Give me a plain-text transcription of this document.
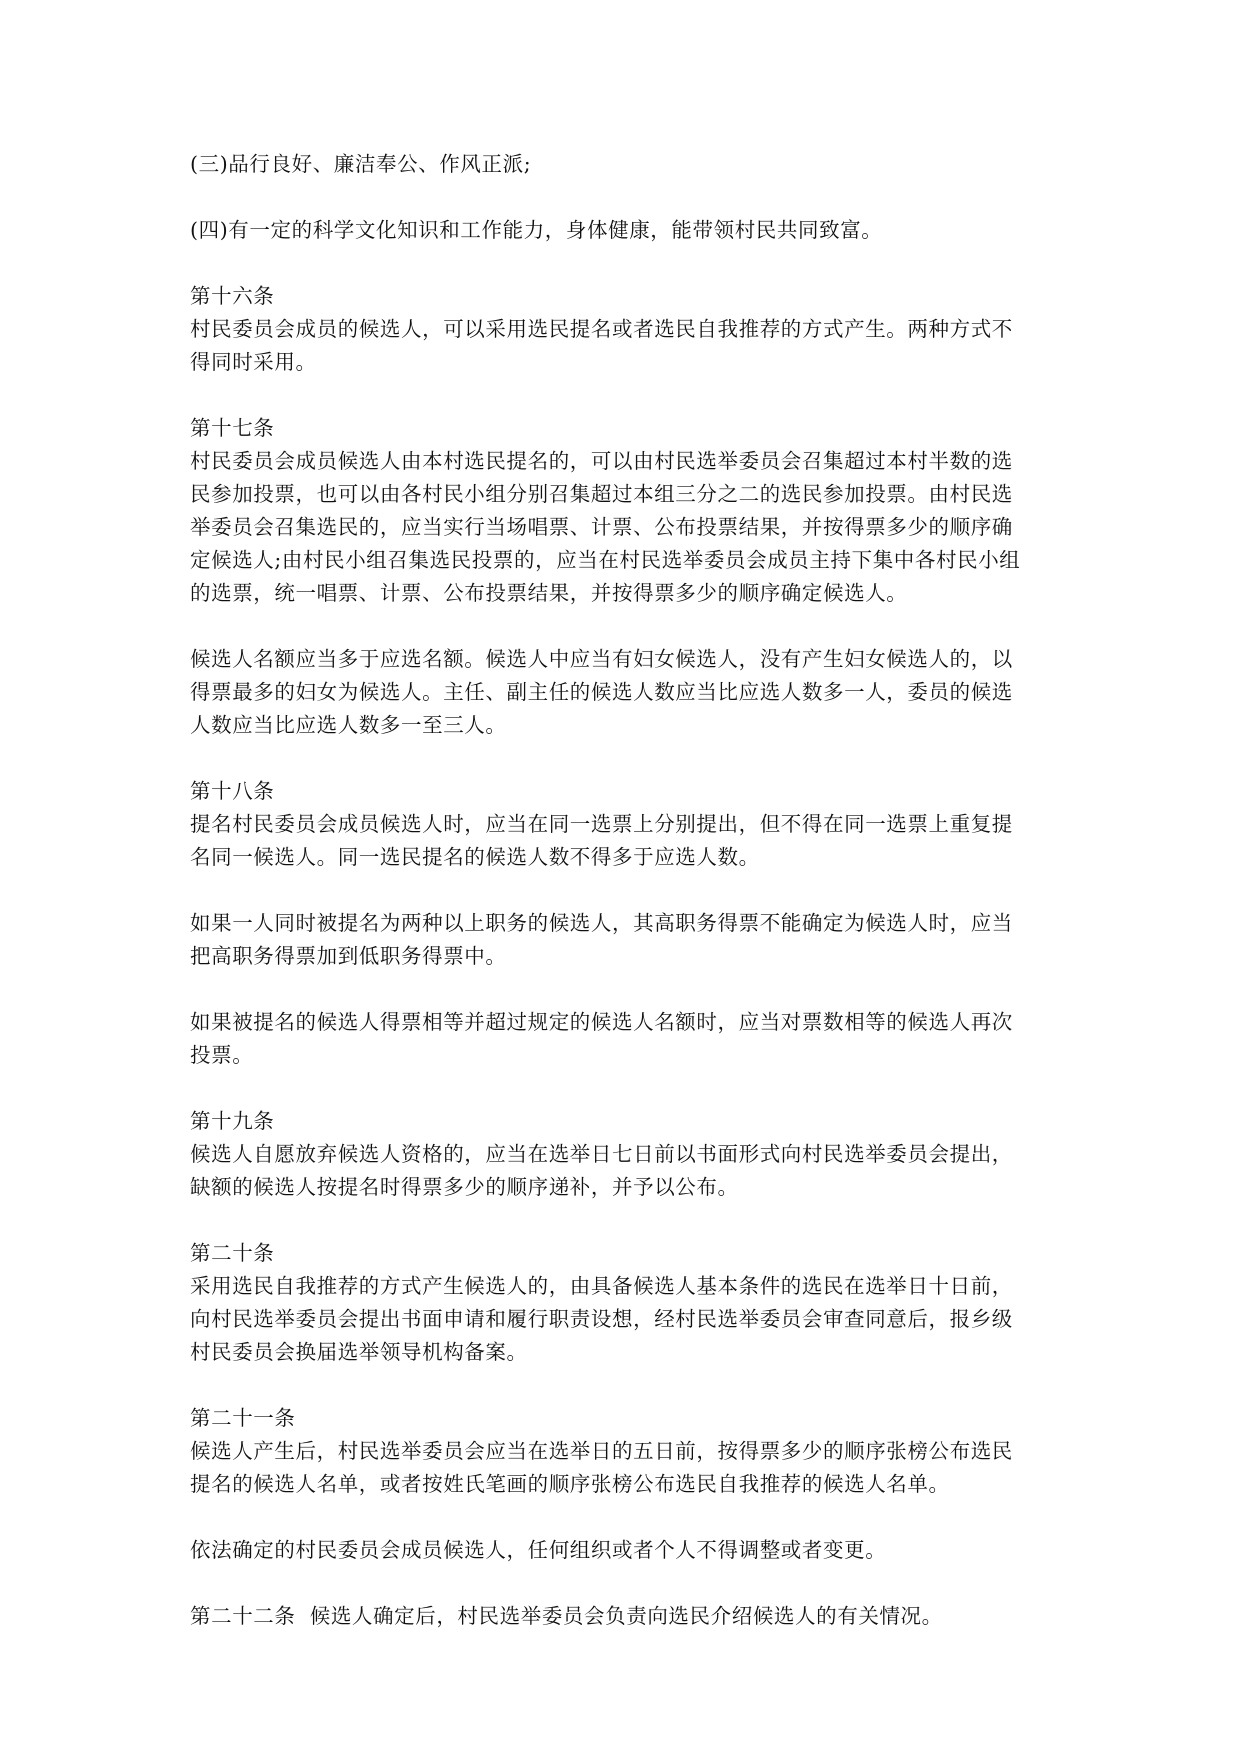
(三)品行良好、廉洁奉公、作风正派;
(四)有一定的科学文化知识和工作能力，身体健康，能带领村民共同致富。
第十六条
村民委员会成员的候选人，可以采用选民提名或者选民自我推荐的方式产生。两种方式不
得同时采用。
第十七条
村民委员会成员候选人由本村选民提名的，可以由村民选举委员会召集超过本村半数的选
民参加投票，也可以由各村民小组分别召集超过本组三分之二的选民参加投票。由村民选
举委员会召集选民的，应当实行当场唱票、计票、公布投票结果，并按得票多少的顺序确
定候选人;由村民小组召集选民投票的，应当在村民选举委员会成员主持下集中各村民小组
的选票，统一唱票、计票、公布投票结果，并按得票多少的顺序确定候选人。
候选人名额应当多于应选名额。候选人中应当有妇女候选人，没有产生妇女候选人的，以
得票最多的妇女为候选人。主任、副主任的候选人数应当比应选人数多一人，委员的候选
人数应当比应选人数多一至三人。
第十八条
提名村民委员会成员候选人时，应当在同一选票上分别提出，但不得在同一选票上重复提
名同一候选人。同一选民提名的候选人数不得多于应选人数。
如果一人同时被提名为两种以上职务的候选人，其高职务得票不能确定为候选人时，应当
把高职务得票加到低职务得票中。
如果被提名的候选人得票相等并超过规定的候选人名额时，应当对票数相等的候选人再次
投票。
第十九条
候选人自愿放弃候选人资格的，应当在选举日七日前以书面形式向村民选举委员会提出，
缺额的候选人按提名时得票多少的顺序递补，并予以公布。
第二十条
采用选民自我推荐的方式产生候选人的，由具备候选人基本条件的选民在选举日十日前，
向村民选举委员会提出书面申请和履行职责设想，经村民选举委员会审查同意后，报乡级
村民委员会换届选举领导机构备案。
第二十一条
候选人产生后，村民选举委员会应当在选举日的五日前，按得票多少的顺序张榜公布选民
提名的候选人名单，或者按姓氏笔画的顺序张榜公布选民自我推荐的候选人名单。
依法确定的村民委员会成员候选人，任何组织或者个人不得调整或者变更。
第二十二条  候选人确定后，村民选举委员会负责向选民介绍候选人的有关情况。
